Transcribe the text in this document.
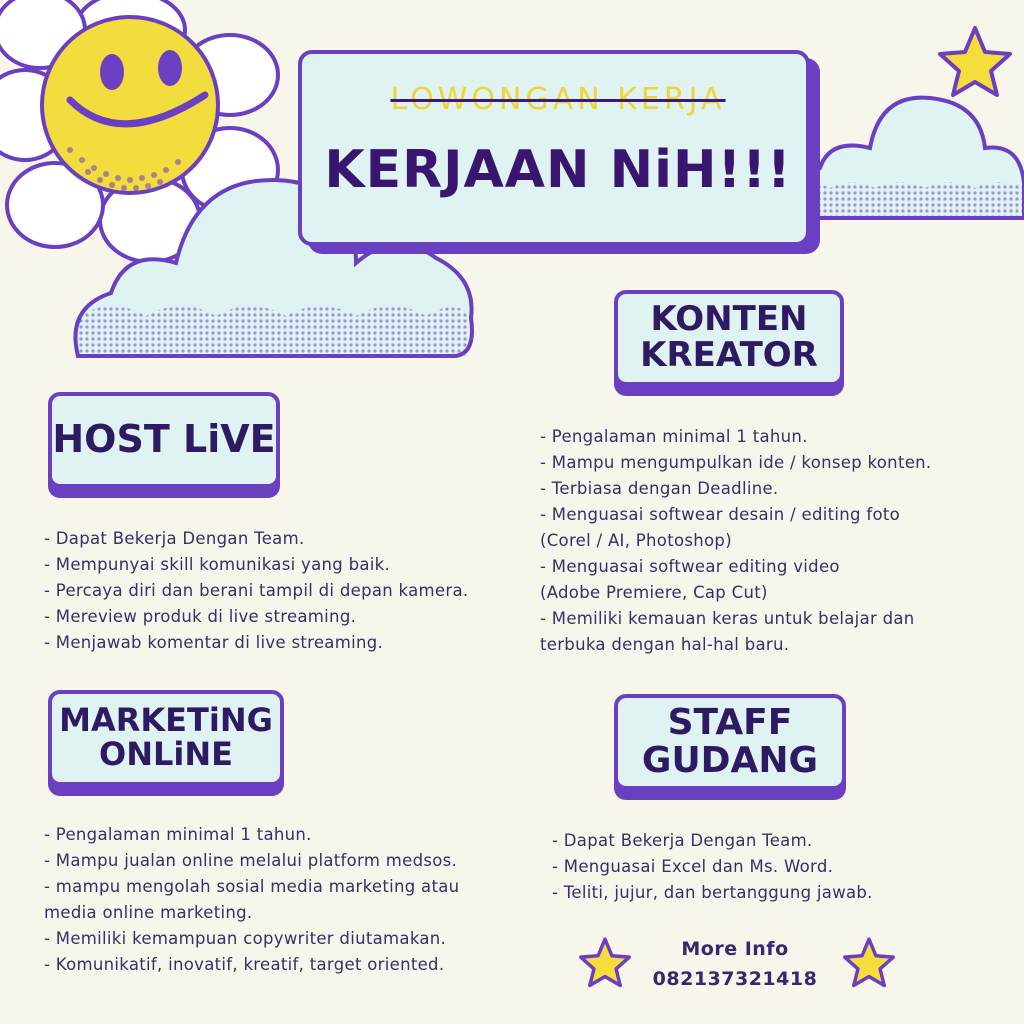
LOWONGAN KERJA
KERJAAN NiH!!!
HOST LiVE
- Dapat Bekerja Dengan Team.
- Mempunyai skill komunikasi yang baik.
- Percaya diri dan berani tampil di depan kamera.
- Mereview produk di live streaming.
- Menjawab komentar di live streaming.
KONTEN
KREATOR
- Pengalaman minimal 1 tahun.
- Mampu mengumpulkan ide / konsep konten.
- Terbiasa dengan Deadline.
- Menguasai softwear desain / editing foto
(Corel / AI, Photoshop)
- Menguasai softwear editing video
(Adobe Premiere, Cap Cut)
- Memiliki kemauan keras untuk belajar dan
terbuka dengan hal-hal baru.
MARKETiNG
ONLiNE
- Pengalaman minimal 1 tahun.
- Mampu jualan online melalui platform medsos.
- mampu mengolah sosial media marketing atau
media online marketing.
- Memiliki kemampuan copywriter diutamakan.
- Komunikatif, inovatif, kreatif, target oriented.
STAFF
GUDANG
- Dapat Bekerja Dengan Team.
- Menguasai Excel dan Ms. Word.
- Teliti, jujur, dan bertanggung jawab.
More Info
082137321418
